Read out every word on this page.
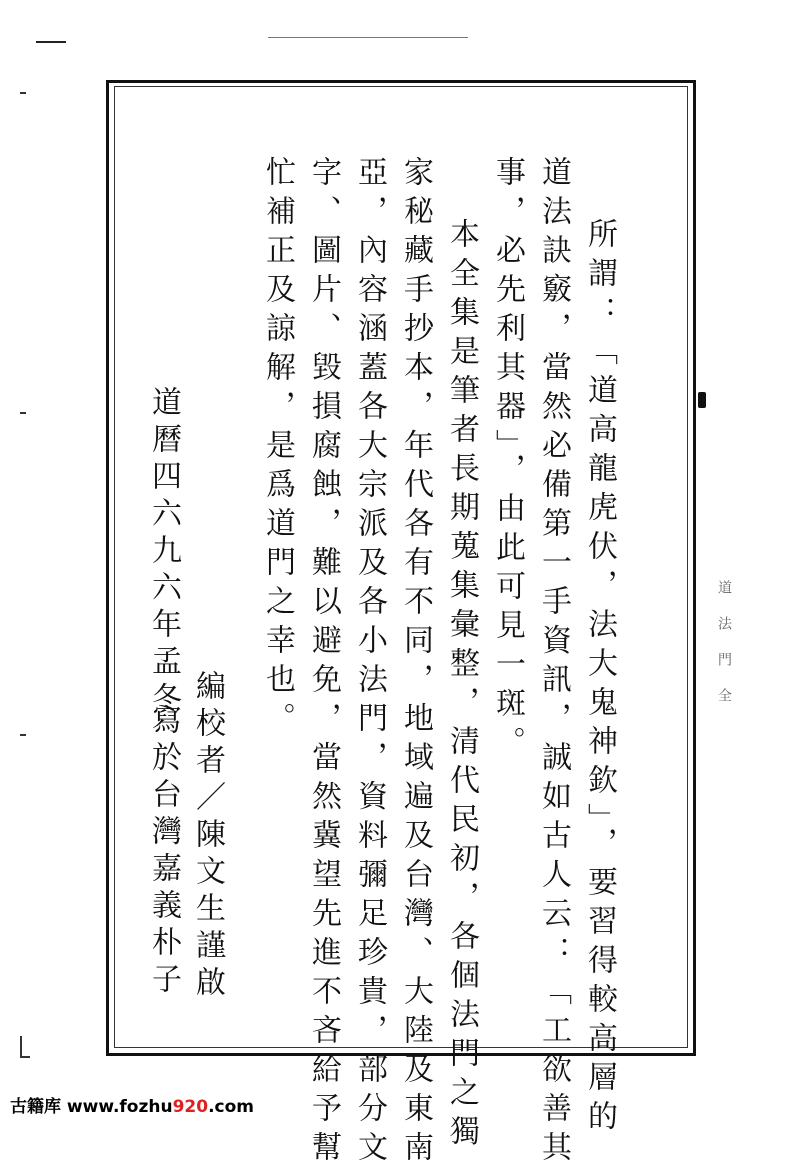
道法門全
所謂：「道高龍虎伏，法大鬼神欽」，要習得較高層的
道法訣竅，當然必備第一手資訊，誠如古人云：「工欲善其
事，必先利其器」，由此可見一斑。
本全集是筆者長期蒐集彙整，清代民初，各個法門之獨
家秘藏手抄本，年代各有不同，地域遍及台灣、大陸及東南
亞，內容涵蓋各大宗派及各小法門，資料彌足珍貴，部分文
字、圖片、毀損腐蝕，難以避免，當然冀望先進不吝給予幫
忙補正及諒解，是爲道門之幸也。
編校者／陳文生謹啟
道曆四六九六年孟冬
寫於台灣嘉義朴子
古籍库 www.fozhu920.com
